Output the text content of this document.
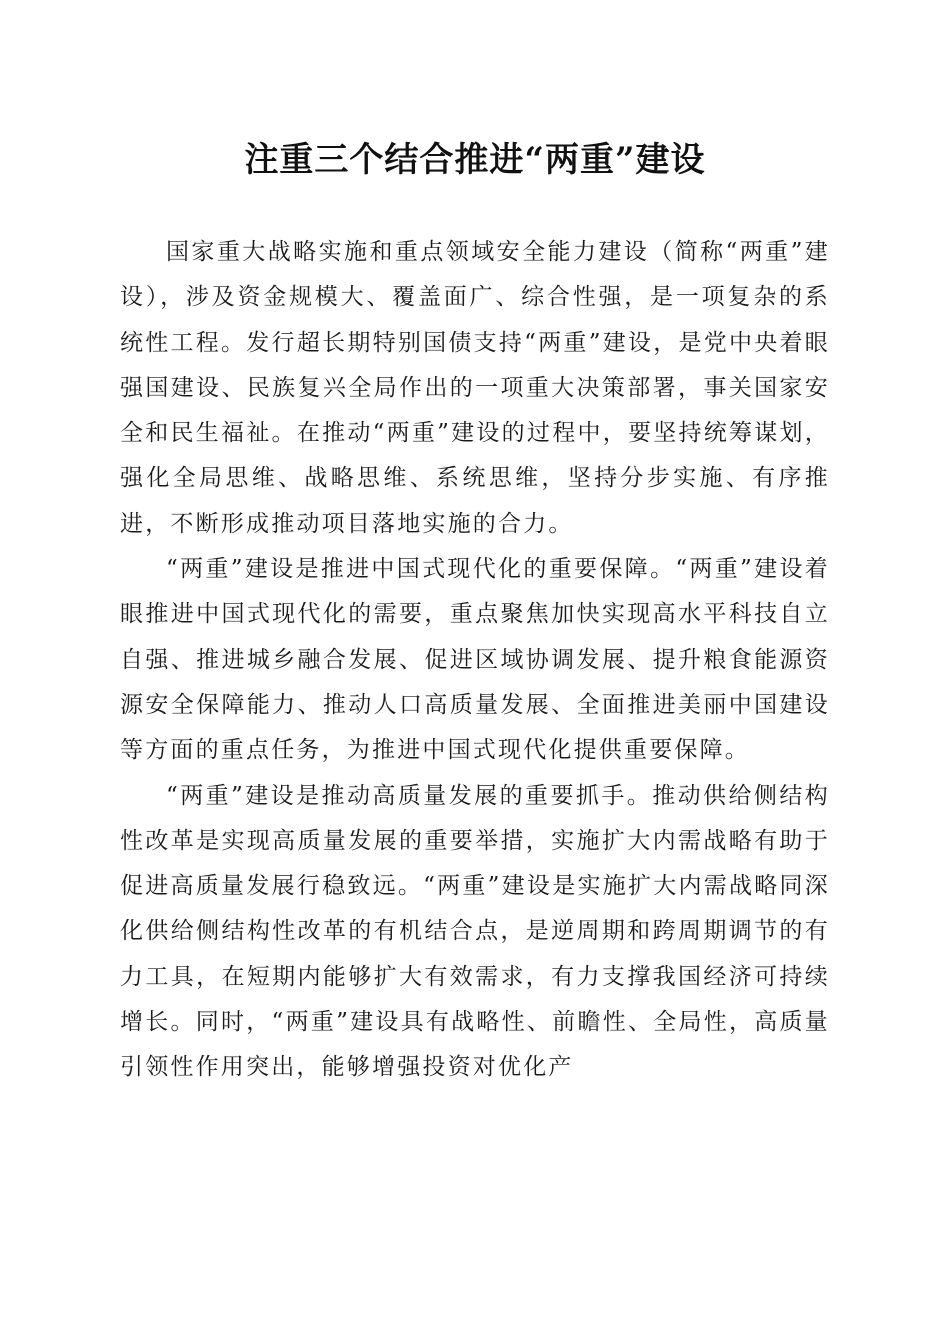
注重三个结合推进“两重”建设

国家重大战略实施和重点领域安全能力建设（简称“两重”建设），涉及资金规模大、覆盖面广、综合性强，是一项复杂的系统性工程。发行超长期特别国债支持“两重”建设，是党中央着眼强国建设、民族复兴全局作出的一项重大决策部署，事关国家安全和民生福祉。在推动“两重”建设的过程中，要坚持统筹谋划，强化全局思维、战略思维、系统思维，坚持分步实施、有序推进，不断形成推动项目落地实施的合力。

“两重”建设是推进中国式现代化的重要保障。“两重”建设着眼推进中国式现代化的需要，重点聚焦加快实现高水平科技自立自强、推进城乡融合发展、促进区域协调发展、提升粮食能源资源安全保障能力、推动人口高质量发展、全面推进美丽中国建设等方面的重点任务，为推进中国式现代化提供重要保障。

“两重”建设是推动高质量发展的重要抓手。推动供给侧结构性改革是实现高质量发展的重要举措，实施扩大内需战略有助于促进高质量发展行稳致远。“两重”建设是实施扩大内需战略同深化供给侧结构性改革的有机结合点，是逆周期和跨周期调节的有力工具，在短期内能够扩大有效需求，有力支撑我国经济可持续增长。同时，“两重”建设具有战略性、前瞻性、全局性，高质量引领性作用突出，能够增强投资对优化产
